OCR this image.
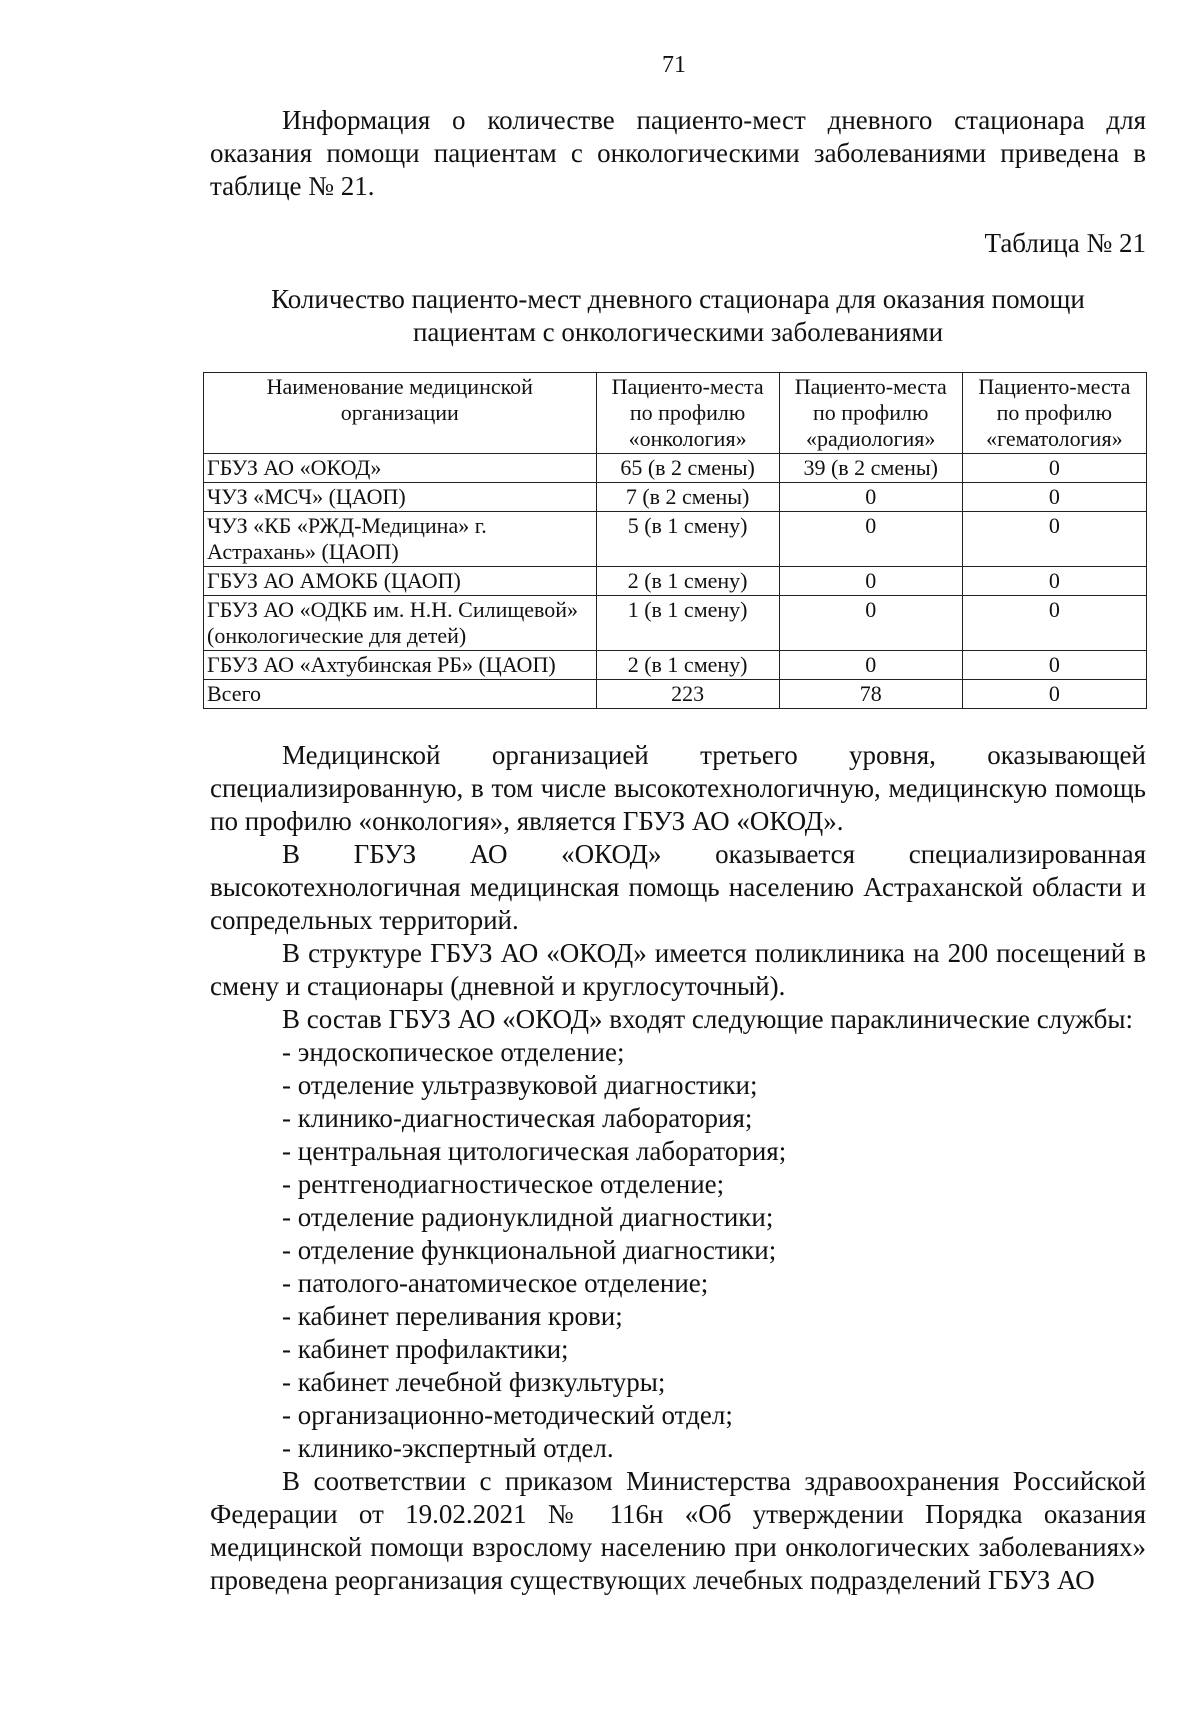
71

Информация о количестве пациенто-мест дневного стационара для оказания помощи пациентам с онкологическими заболеваниями приведена в таблице № 21.

Таблица № 21
Количество пациенто-мест дневного стационара для оказания помощи
пациентам с онкологическими заболеваниями
Наименование медицинской организации	Пациенто-места по профилю «онкология»	Пациенто-места по профилю «радиология»	Пациенто-места по профилю «гематология»
ГБУЗ АО «ОКОД»	65 (в 2 смены)	39 (в 2 смены)	0
ЧУЗ «МСЧ» (ЦАОП)	7 (в 2 смены)	0	0
ЧУЗ «КБ «РЖД-Медицина» г. Астрахань» (ЦАОП)	5 (в 1 смену)	0	0
ГБУЗ АО АМОКБ (ЦАОП)	2 (в 1 смену)	0	0
ГБУЗ АО «ОДКБ им. Н.Н. Силищевой» (онкологические для детей)	1 (в 1 смену)	0	0
ГБУЗ АО «Ахтубинская РБ» (ЦАОП)	2 (в 1 смену)	0	0
Всего	223	78	0

Медицинской организацией третьего уровня, оказывающей специализированную, в том числе высокотехнологичную, медицинскую помощь по профилю «онкология», является ГБУЗ АО «ОКОД».

В ГБУЗ АО «ОКОД» оказывается специализированная высокотехнологичная медицинская помощь населению Астраханской области и сопредельных территорий.

В структуре ГБУЗ АО «ОКОД» имеется поликлиника на 200 посещений в смену и стационары (дневной и круглосуточный).

В состав ГБУЗ АО «ОКОД» входят следующие параклинические службы:

- эндоскопическое отделение;
- отделение ультразвуковой диагностики;
- клинико-диагностическая лаборатория;
- центральная цитологическая лаборатория;
- рентгенодиагностическое отделение;
- отделение радионуклидной диагностики;
- отделение функциональной диагностики;
- патолого-анатомическое отделение;
- кабинет переливания крови;
- кабинет профилактики;
- кабинет лечебной физкультуры;
- организационно-методический отдел;
- клинико-экспертный отдел.

В соответствии с приказом Министерства здравоохранения Российской Федерации от 19.02.2021 № 116н «Об утверждении Порядка оказания медицинской помощи взрослому населению при онкологических заболеваниях» проведена реорганизация существующих лечебных подразделений ГБУЗ АО
